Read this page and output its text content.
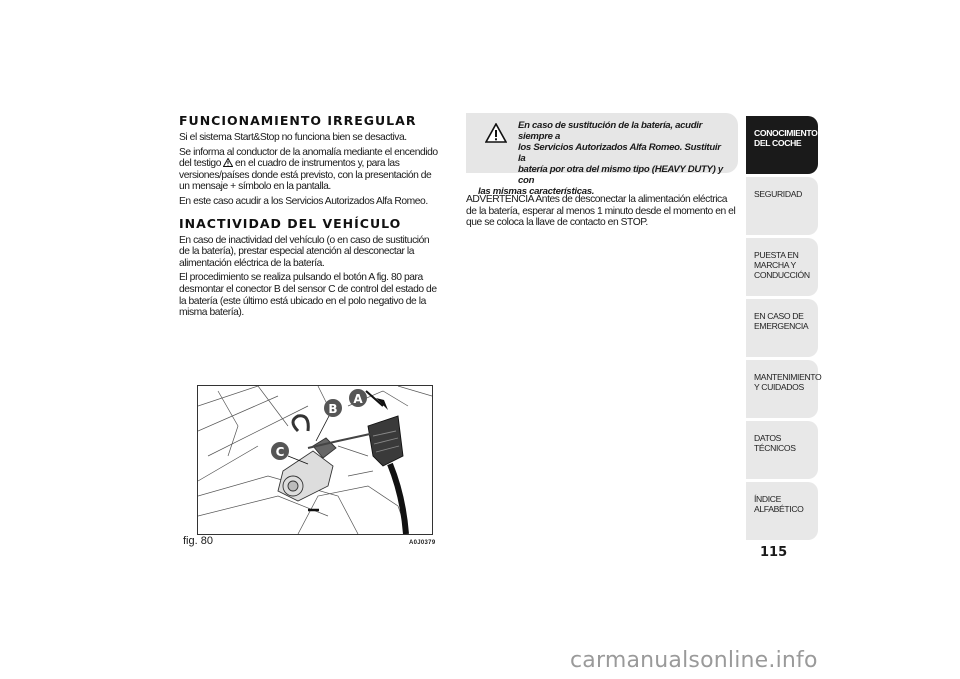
FUNCIONAMIENTO IRREGULAR

Si el sistema Start&Stop no funciona bien se desactiva.

Se informa al conductor de la anomalía mediante el encendido del testigo en el cuadro de instrumentos y, para las versiones/países donde está previsto, con la presentación de un mensaje + símbolo en la pantalla.

En este caso acudir a los Servicios Autorizados Alfa Romeo.

INACTIVIDAD DEL VEHÍCULO

En caso de inactividad del vehículo (o en caso de sustitución de la batería), prestar especial atención al desconectar la alimentación eléctrica de la batería.

El procedimiento se realiza pulsando el botón A fig. 80 para desmontar el conector B del sensor C de control del estado de la batería (este último está ubicado en el polo negativo de la misma batería).

A
B
C
fig. 80	A0J0379
En caso de sustitución de la batería, acudir siempre a
los Servicios Autorizados Alfa Romeo. Sustituir la
batería por otra del mismo tipo (HEAVY DUTY) y con
las mismas características.

ADVERTENCIA Antes de desconectar la alimentación eléctrica de la batería, esperar al menos 1 minuto desde el momento en el que se coloca la llave de contacto en STOP.

CONOCIMIENTO DEL COCHE
SEGURIDAD
PUESTA EN MARCHA Y CONDUCCIÓN
EN CASO DE EMERGENCIA
MANTENIMIENTO Y CUIDADOS
DATOS TÉCNICOS
ÍNDICE ALFABÉTICO
115
carmanualsonline.info
